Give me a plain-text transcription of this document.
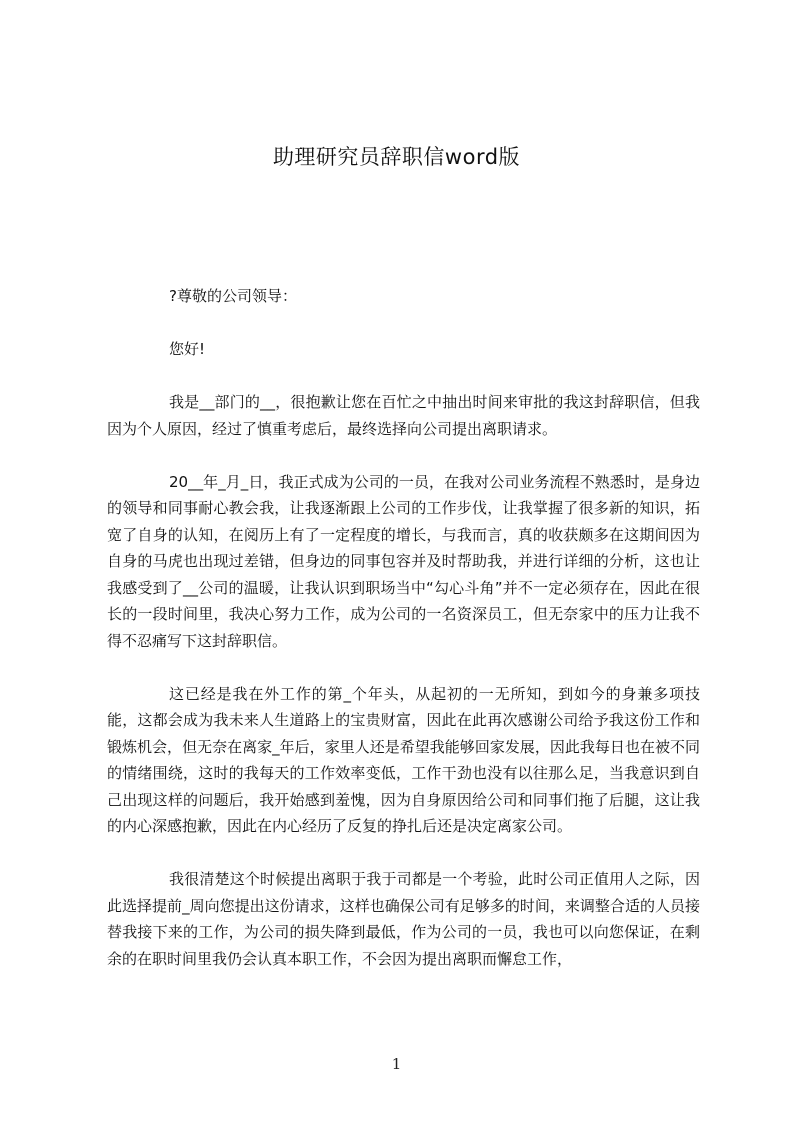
助理研究员辞职信word版

?尊敬的公司领导：

您好!

我是__部门的__，很抱歉让您在百忙之中抽出时间来审批的我这封辞职信，但我因为个人原因，经过了慎重考虑后，最终选择向公司提出离职请求。

20__年_月_日，我正式成为公司的一员，在我对公司业务流程不熟悉时，是身边的领导和同事耐心教会我，让我逐渐跟上公司的工作步伐，让我掌握了很多新的知识，拓宽了自身的认知，在阅历上有了一定程度的增长，与我而言，真的收获颇多在这期间因为自身的马虎也出现过差错，但身边的同事包容并及时帮助我，并进行详细的分析，这也让我感受到了__公司的温暖，让我认识到职场当中“勾心斗角”并不一定必须存在，因此在很长的一段时间里，我决心努力工作，成为公司的一名资深员工，但无奈家中的压力让我不得不忍痛写下这封辞职信。

这已经是我在外工作的第_个年头，从起初的一无所知，到如今的身兼多项技能，这都会成为我未来人生道路上的宝贵财富，因此在此再次感谢公司给予我这份工作和锻炼机会，但无奈在离家_年后，家里人还是希望我能够回家发展，因此我每日也在被不同的情绪围绕，这时的我每天的工作效率变低，工作干劲也没有以往那么足，当我意识到自己出现这样的问题后，我开始感到羞愧，因为自身原因给公司和同事们拖了后腿，这让我的内心深感抱歉，因此在内心经历了反复的挣扎后还是决定离家公司。

我很清楚这个时候提出离职于我于司都是一个考验，此时公司正值用人之际，因此选择提前_周向您提出这份请求，这样也确保公司有足够多的时间，来调整合适的人员接替我接下来的工作，为公司的损失降到最低，作为公司的一员，我也可以向您保证，在剩余的在职时间里我仍会认真本职工作，不会因为提出离职而懈怠工作，

1
